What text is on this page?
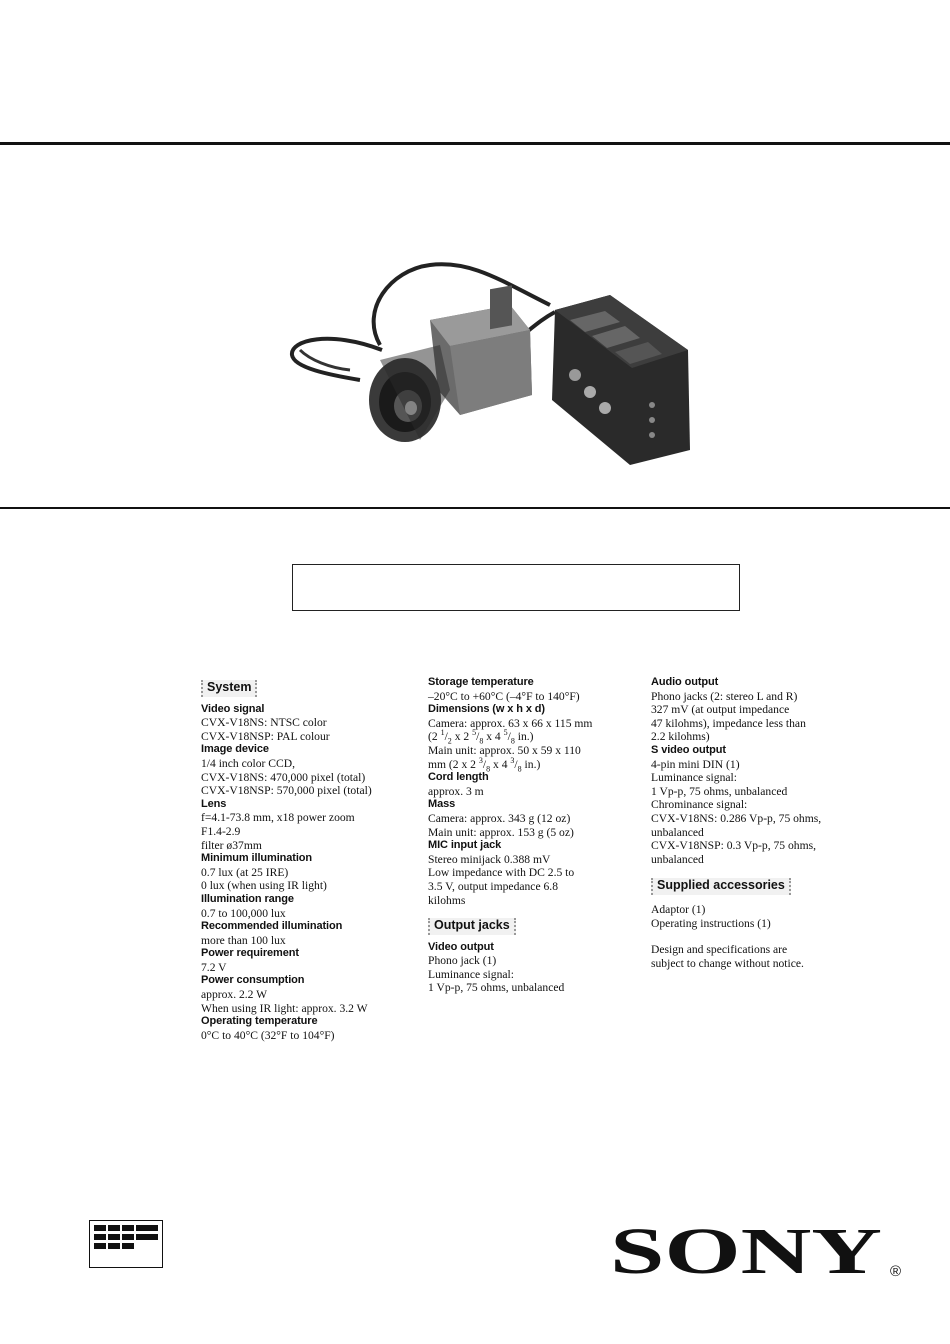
System
Video signal
CVX-V18NS: NTSC color
CVX-V18NSP: PAL colour
Image device
1/4 inch color CCD,
CVX-V18NS: 470,000 pixel (total)
CVX-V18NSP: 570,000 pixel (total)
Lens
f=4.1-73.8 mm, x18 power zoom
F1.4-2.9
filter ø37mm
Minimum illumination
0.7 lux (at 25 IRE)
0 lux (when using IR light)
Illumination range
0.7 to 100,000 lux
Recommended illumination
more than 100 lux
Power requirement
7.2 V
Power consumption
approx. 2.2 W
When using IR light: approx. 3.2 W
Operating temperature
0°C to 40°C (32°F to 104°F)
Storage temperature
–20°C to +60°C (–4°F to 140°F)
Dimensions (w x h x d)
Camera: approx. 63 x 66 x 115 mm
(2 $^1/_2$ x 2 $^5/_8$ x 4 $^5/_8$ in.)
Main unit: approx. 50 x 59 x 110
mm (2 x 2 $^3/_8$ x 4 $^3/_8$ in.)
Cord length
approx. 3 m
Mass
Camera: approx. 343 g (12 oz)
Main unit: approx. 153 g (5 oz)
MIC input jack
Stereo minijack 0.388 mV
Low impedance with DC 2.5 to
3.5 V, output impedance 6.8
kilohms
Output jacks
Video output
Phono jack (1)
Luminance signal:
1 Vp-p, 75 ohms, unbalanced
Audio output
Phono jacks (2: stereo L and R)
327 mV (at output impedance
47 kilohms), impedance less than
2.2 kilohms)
S video output
4-pin mini DIN (1)
Luminance signal:
1 Vp-p, 75 ohms, unbalanced
Chrominance signal:
CVX-V18NS: 0.286 Vp-p, 75 ohms,
unbalanced
CVX-V18NSP: 0.3 Vp-p, 75 ohms,
unbalanced
Supplied accessories
Adaptor (1)
Operating instructions (1)
Design and specifications are
subject to change without notice.
SONY ®
